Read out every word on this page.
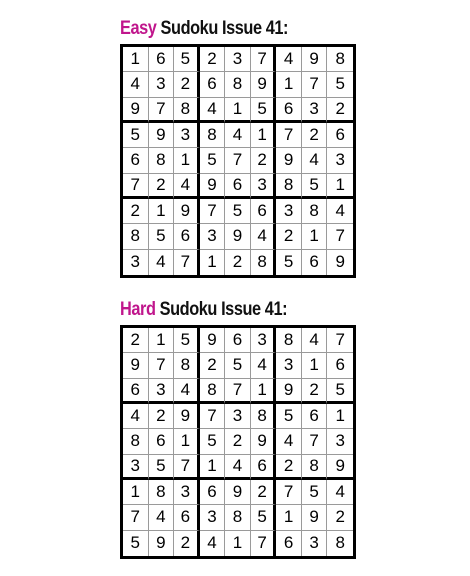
Easy Sudoku Issue 41:
1 6 5	2 3 7	4 9 8
4 3 2	6 8 9	1 7 5
9 7 8	4 1 5	6 3 2
5 9 3	8 4 1	7 2 6
6 8 1	5 7 2	9 4 3
7 2 4	9 6 3	8 5 1
2 1 9	7 5 6	3 8 4
8 5 6	3 9 4	2 1 7
3 4 7	1 2 8	5 6 9
Hard Sudoku Issue 41:
2 1 5	9 6 3	8 4 7
9 7 8	2 5 4	3 1 6
6 3 4	8 7 1	9 2 5
4 2 9	7 3 8	5 6 1
8 6 1	5 2 9	4 7 3
3 5 7	1 4 6	2 8 9
1 8 3	6 9 2	7 5 4
7 4 6	3 8 5	1 9 2
5 9 2	4 1 7	6 3 8
